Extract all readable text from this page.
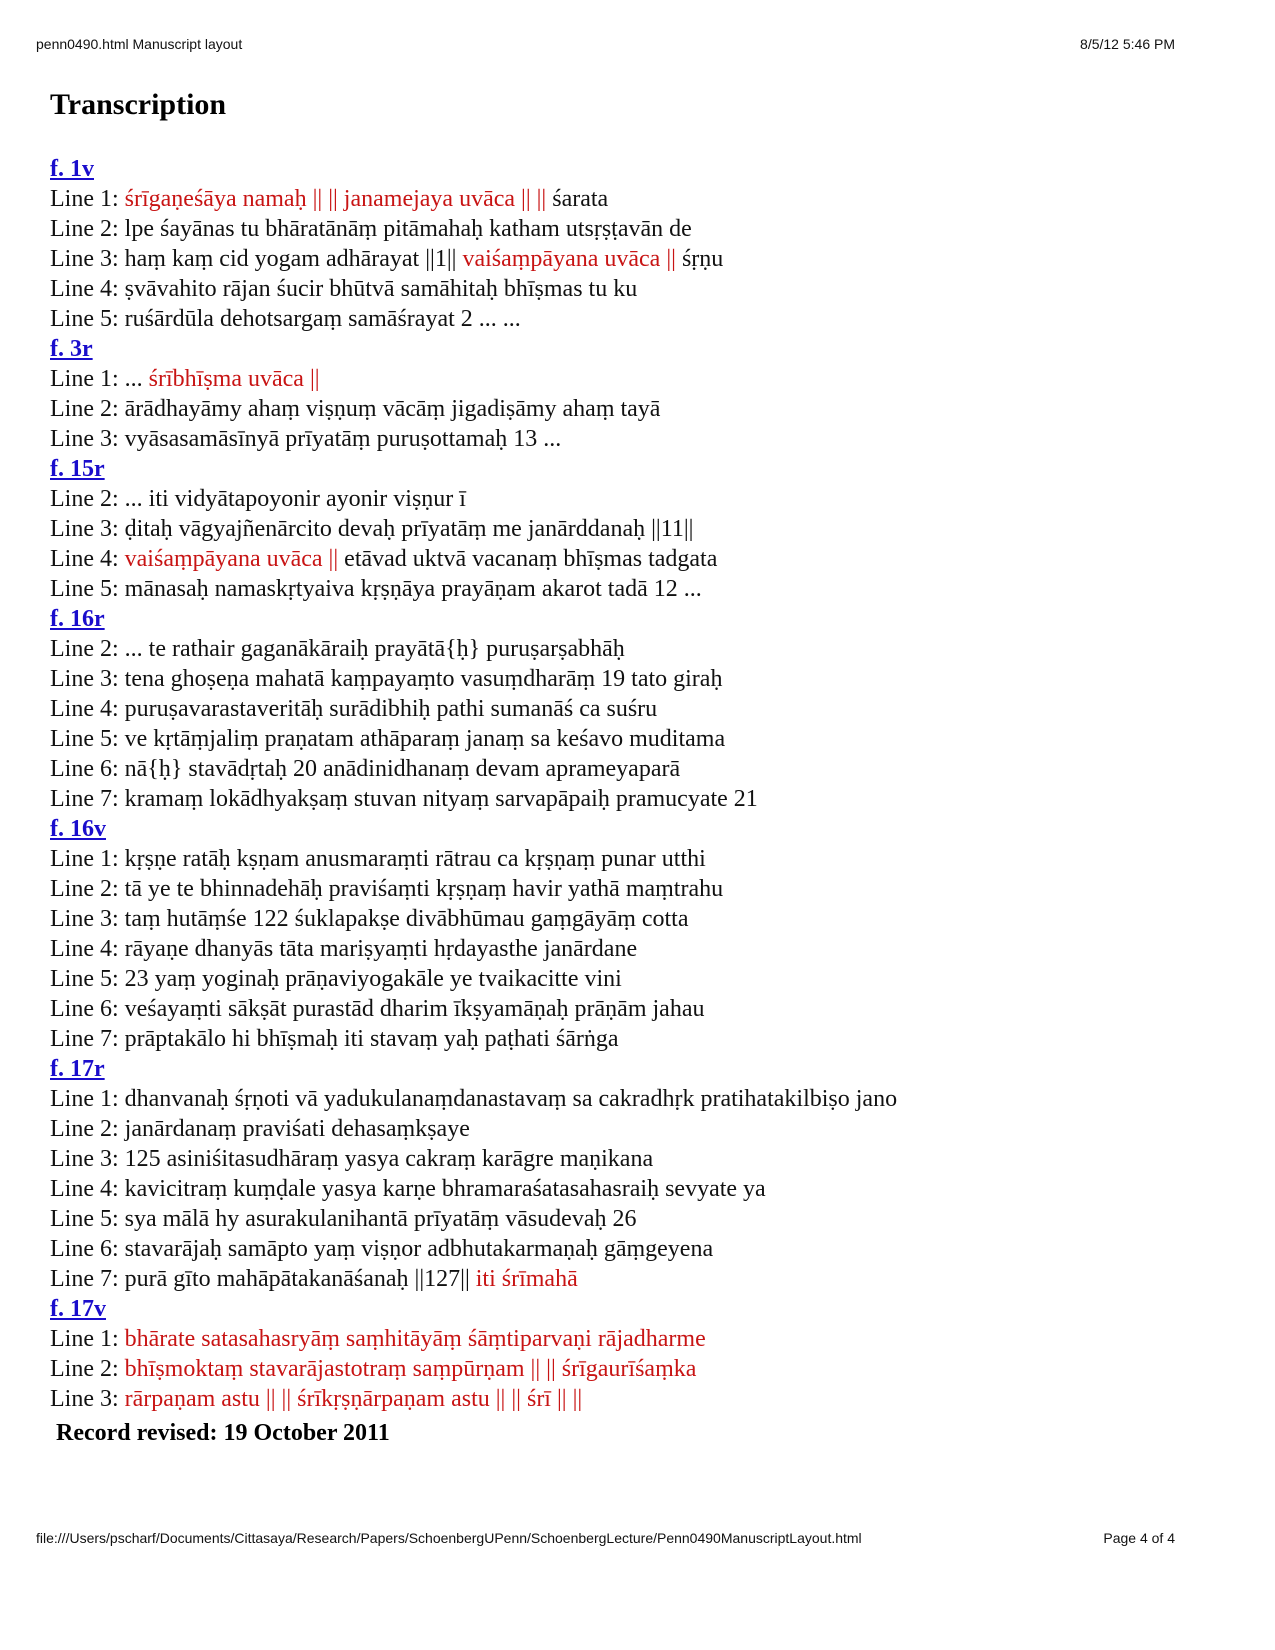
penn0490.html Manuscript layout	8/5/12 5:46 PM
Transcription
f. 1v
Line 1: śrīgaṇeśāya namaḥ || || janamejaya uvāca || || śarata
Line 2: lpe śayānas tu bhāratānāṃ pitāmahaḥ katham utsṛṣṭavān de
Line 3: haṃ kaṃ cid yogam adhārayat ||1|| vaiśaṃpāyana uvāca || śṛṇu
Line 4: ṣvāvahito rājan śucir bhūtvā samāhitaḥ bhīṣmas tu ku
Line 5: ruśārdūla dehotsargaṃ samāśrayat 2 ... ...
f. 3r
Line 1: ... śrībhīṣma uvāca ||
Line 2: ārādhayāmy ahaṃ viṣṇuṃ vācāṃ jigadiṣāmy ahaṃ tayā
Line 3: vyāsasamāsīnyā prīyatāṃ puruṣottamaḥ 13 ...
f. 15r
Line 2: ... iti vidyātapoyonir ayonir viṣṇur ī
Line 3: ḍitaḥ vāgyajñenārcito devaḥ prīyatāṃ me janārddanaḥ ||11||
Line 4: vaiśaṃpāyana uvāca || etāvad uktvā vacanaṃ bhīṣmas tadgata
Line 5: mānasaḥ namaskṛtyaiva kṛṣṇāya prayāṇam akarot tadā 12 ...
f. 16r
Line 2: ... te rathair gaganākāraiḥ prayātā{ḥ} puruṣarṣabhāḥ
Line 3: tena ghoṣeṇa mahatā kaṃpayaṃto vasuṃdharāṃ 19 tato giraḥ
Line 4: puruṣavarastaveritāḥ surādibhiḥ pathi sumanāś ca suśru
Line 5: ve kṛtāṃjaliṃ praṇatam athāparaṃ janaṃ sa keśavo muditama
Line 6: nā{ḥ} stavādṛtaḥ 20 anādinidhanaṃ devam aprameyaparā
Line 7: kramaṃ lokādhyakṣaṃ stuvan nityaṃ sarvapāpaiḥ pramucyate 21
f. 16v
Line 1: kṛṣṇe ratāḥ kṣṇam anusmaraṃti rātrau ca kṛṣṇaṃ punar utthi
Line 2: tā ye te bhinnadehāḥ praviśaṃti kṛṣṇaṃ havir yathā maṃtrahu
Line 3: taṃ hutāṃśe 122 śuklapakṣe divābhūmau gaṃgāyāṃ cotta
Line 4: rāyaṇe dhanyās tāta mariṣyaṃti hṛdayasthe janārdane
Line 5: 23 yaṃ yoginaḥ prāṇaviyogakāle ye tvaikacitte vini
Line 6: veśayaṃti sākṣāt purastād dharim īkṣyamāṇaḥ prāṇām jahau
Line 7: prāptakālo hi bhīṣmaḥ iti stavaṃ yaḥ paṭhati śārṅga
f. 17r
Line 1: dhanvanaḥ śṛṇoti vā yadukulanaṃdanastavaṃ sa cakradhṛk pratihatakilbiṣo jano
Line 2: janārdanaṃ praviśati dehasaṃkṣaye
Line 3: 125 asiniśitasudhāraṃ yasya cakraṃ karāgre maṇikana
Line 4: kavicitraṃ kuṃḍale yasya karṇe bhramaraśatasahasraiḥ sevyate ya
Line 5: sya mālā hy asurakulanihantā prīyatāṃ vāsudevaḥ 26
Line 6: stavarājaḥ samāpto yaṃ viṣṇor adbhutakarmaṇaḥ gāṃgeyena
Line 7: purā gīto mahāpātakanāśanaḥ ||127|| iti śrīmahā
f. 17v
Line 1: bhārate satasahasryāṃ saṃhitāyāṃ śāṃtiparvaṇi rājadharme
Line 2: bhīṣmoktaṃ stavarājastotraṃ saṃpūrṇam || || śrīgaurīśaṃka
Line 3: rārpaṇam astu || || śrīkṛṣṇārpaṇam astu || || śrī || ||
Record revised: 19 October 2011
file:///Users/pscharf/Documents/Cittasaya/Research/Papers/SchoenbergUPenn/SchoenbergLecture/Penn0490ManuscriptLayout.html	Page 4 of 4
